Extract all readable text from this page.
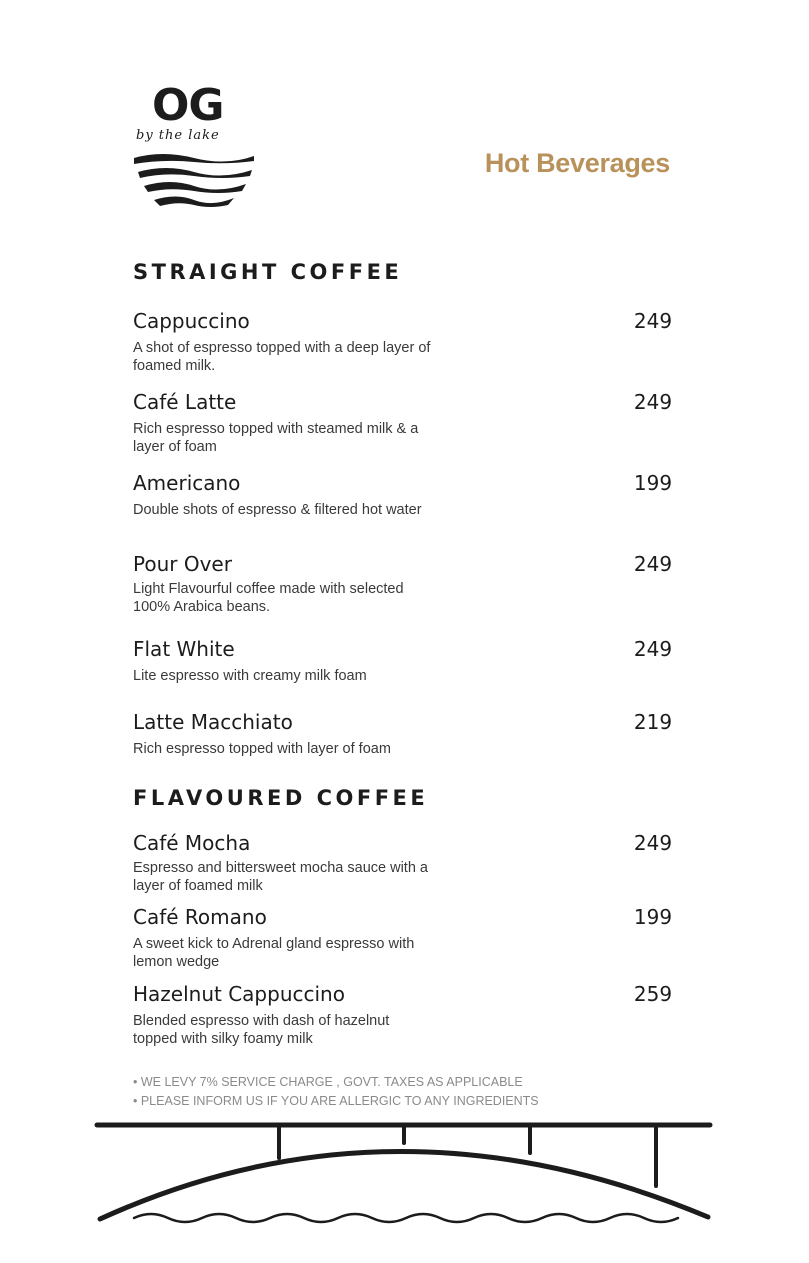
OG
by the lake
Hot Beverages
STRAIGHT COFFEE
Cappuccino	249
A shot of espresso topped with a deep layer of foamed milk.
Café Latte	249
Rich espresso topped with steamed milk & a layer of foam
Americano	199
Double shots of espresso & filtered hot water
Pour Over	249
Light Flavourful coffee made with selected 100% Arabica beans.
Flat White	249
Lite espresso with creamy milk foam
Latte Macchiato	219
Rich espresso topped with layer of foam
FLAVOURED COFFEE
Café Mocha	249
Espresso and bittersweet mocha sauce with a layer of foamed milk
Café Romano	199
A sweet kick to Adrenal gland espresso with lemon wedge
Hazelnut Cappuccino	259
Blended espresso with dash of hazelnut topped with silky foamy milk
• WE LEVY 7% SERVICE CHARGE , GOVT. TAXES AS APPLICABLE
• PLEASE INFORM US IF YOU ARE ALLERGIC TO ANY INGREDIENTS
